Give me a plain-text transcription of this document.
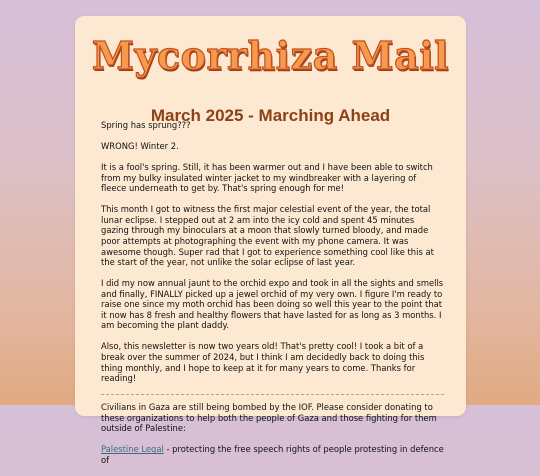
Mycorrhiza Mail
March 2025 - Marching Ahead

Spring has sprung???

WRONG! Winter 2.

It is a fool's spring. Still, it has been warmer out and I have been able to switch from my bulky insulated winter jacket to my windbreaker with a layering of fleece underneath to get by. That's spring enough for me!

This month I got to witness the first major celestial event of the year, the total lunar eclipse. I stepped out at 2 am into the icy cold and spent 45 minutes gazing through my binoculars at a moon that slowly turned bloody, and made poor attempts at photographing the event with my phone camera. It was awesome though. Super rad that I got to experience something cool like this at the start of the year, not unlike the solar eclipse of last year.

I did my now annual jaunt to the orchid expo and took in all the sights and smells and finally, FINALLY picked up a jewel orchid of my very own. I figure I'm ready to raise one since my moth orchid has been doing so well this year to the point that it now has 8 fresh and healthy flowers that have lasted for as long as 3 months. I am becoming the plant daddy.

Also, this newsletter is now two years old! That's pretty cool! I took a bit of a break over the summer of 2024, but I think I am decidedly back to doing this thing monthly, and I hope to keep at it for many years to come. Thanks for reading!

Civilians in Gaza are still being bombed by the IOF. Please consider donating to these organizations to help both the people of Gaza and those fighting for them outside of Palestine:

Palestine Legal - protecting the free speech rights of people protesting in defence of
